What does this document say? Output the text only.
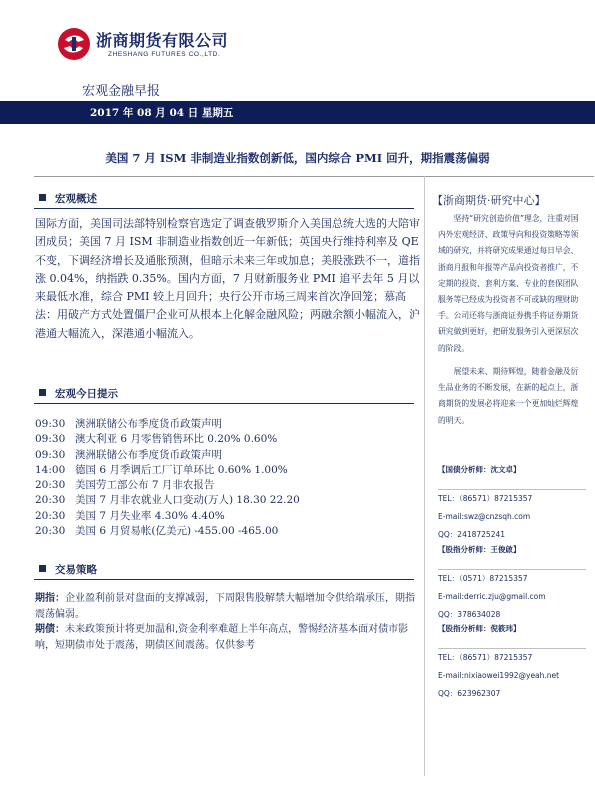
浙商期货有限公司
ZHESHANG FUTURES CO.,LTD.
宏观金融早报
2017 年 08 月 04 日 星期五
美国 7 月 ISM 非制造业指数创新低，国内综合 PMI 回升，期指震荡偏弱
宏观概述
国际方面，美国司法部特别检察官选定了调查俄罗斯介入美国总统大选的大陪审团成员；美国 7 月 ISM 非制造业指数创近一年新低；英国央行维持利率及 QE 不变，下调经济增长及通胀预测，但暗示未来三年或加息；美股涨跌不一，道指涨 0.04%，纳指跌 0.35%。国内方面，7 月财新服务业 PMI 追平去年 5 月以来最低水准，综合 PMI 较上月回升；央行公开市场三周来首次净回笼；慕高法：用破产方式处置僵尸企业可从根本上化解金融风险；两融余额小幅流入，沪港通大幅流入，深港通小幅流入。
宏观今日提示
09:30 澳洲联储公布季度货币政策声明
09:30 澳大利亚 6 月零售销售环比 0.20% 0.60%
09:30 澳洲联储公布季度货币政策声明
14:00 德国 6 月季调后工厂订单环比 0.60% 1.00%
20:30 美国劳工部公布 7 月非农报告
20:30 美国 7 月非农就业人口变动(万人) 18.30 22.20
20:30 美国 7 月失业率 4.30% 4.40%
20:30 美国 6 月贸易帐(亿美元) -455.00 -465.00
交易策略
期指：企业盈利前景对盘面的支撑减弱，下周限售股解禁大幅增加令供给端承压，期指震荡偏弱。
期债：未来政策预计将更加温和,资金利率难超上半年高点，警惕经济基本面对债市影响，短期债市处于震荡，期债区间震荡。仅供参考
【浙商期货·研究中心】
坚持“研究创造价值”理念，注重对国内外宏观经济、政策导向和投资策略等领域的研究，并将研究成果通过每日早会、浙商月报和年报等产品向投资者推广，不定期的投资、套利方案、专业的套保团队服务等已经成为投资者不可或缺的理财助手。公司还将与浙商证券携手将证券期货研究做到更好，把研发服务引入更深层次的阶段。
展望未来、期待辉煌，随着金融及衍生品业务的不断发展，在新的起点上，浙商期货的发展必将迎来一个更加灿烂辉煌的明天。
【国债分析师：沈文卓】
TEL：（86571）87215357
E-mail:swz@cnzsqh.com
QQ：2418725241
【股指分析师：王俊啟】
TEL：（0571）87215357
E-mail:derric.zju@gmail.com
QQ：378634028
【股指分析师：倪筱玮】
TEL：（86571）87215357
E-mail:nixiaowei1992@yeah.net
QQ：623962307
